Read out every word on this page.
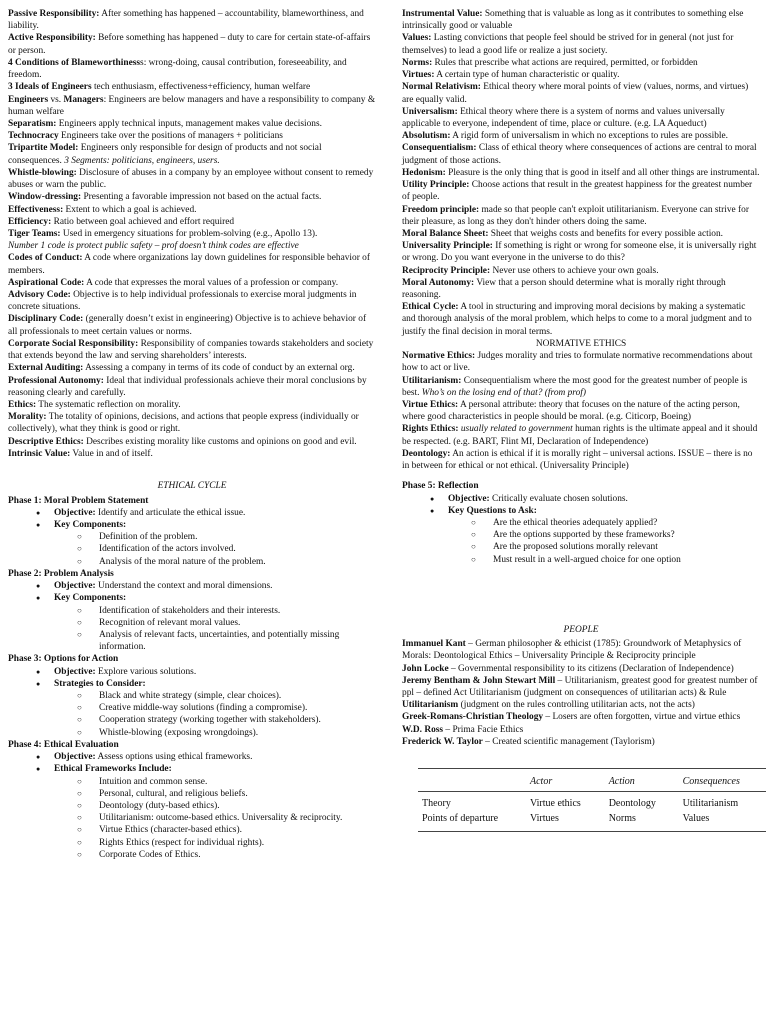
Passive Responsibility: After something has happened – accountability, blameworthiness, and liability.
Active Responsibility: Before something has happened – duty to care for certain state-of-affairs or person.
4 Conditions of Blameworthinesss: wrong-doing, causal contribution, foreseeability, and freedom.
3 Ideals of Engineers tech enthusiasm, effectiveness+efficiency, human welfare
Engineers vs. Managers: Engineers are below managers and have a responsibility to company & human welfare
Separatism: Engineers apply technical inputs, management makes value decisions.
Technocracy Engineers take over the positions of managers + politicians
Tripartite Model: Engineers only responsible for design of products and not social consequences. 3 Segments: politicians, engineers, users.
Whistle-blowing: Disclosure of abuses in a company by an employee without consent to remedy abuses or warn the public.
Window-dressing: Presenting a favorable impression not based on the actual facts.
Effectiveness: Extent to which a goal is achieved.
Efficiency: Ratio between goal achieved and effort required
Tiger Teams: Used in emergency situations for problem-solving (e.g., Apollo 13).
Number 1 code is protect public safety – prof doesn’t think codes are effective
Codes of Conduct: A code where organizations lay down guidelines for responsible behavior of members.
Aspirational Code: A code that expresses the moral values of a profession or company.
Advisory Code: Objective is to help individual professionals to exercise moral judgments in concrete situations.
Disciplinary Code: (generally doesn’t exist in engineering) Objective is to achieve behavior of all professionals to meet certain values or norms.
Corporate Social Responsibility: Responsibility of companies towards stakeholders and society that extends beyond the law and serving shareholders’ interests.
External Auditing: Assessing a company in terms of its code of conduct by an external org.
Professional Autonomy: Ideal that individual professionals achieve their moral conclusions by reasoning clearly and carefully.
Ethics: The systematic reflection on morality.
Morality: The totality of opinions, decisions, and actions that people express (individually or collectively), what they think is good or right.
Descriptive Ethics: Describes existing morality like customs and opinions on good and evil.
Intrinsic Value: Value in and of itself.
Instrumental Value: Something that is valuable as long as it contributes to something else intrinsically good or valuable
Values: Lasting convictions that people feel should be strived for in general (not just for themselves) to lead a good life or realize a just society.
Norms: Rules that prescribe what actions are required, permitted, or forbidden
Virtues: A certain type of human characteristic or quality.
Normal Relativism: Ethical theory where moral points of view (values, norms, and virtues) are equally valid.
Universalism: Ethical theory where there is a system of norms and values universally applicable to everyone, independent of time, place or culture. (e.g. LA Aqueduct)
Absolutism: A rigid form of universalism in which no exceptions to rules are possible.
Consequentialism: Class of ethical theory where consequences of actions are central to moral judgment of those actions.
Hedonism: Pleasure is the only thing that is good in itself and all other things are instrumental.
Utility Principle: Choose actions that result in the greatest happiness for the greatest number of people.
Freedom principle: made so that people can't exploit utilitarianism. Everyone can strive for their pleasure, as long as they don't hinder others doing the same.
Moral Balance Sheet: Sheet that weighs costs and benefits for every possible action.
Universality Principle: If something is right or wrong for someone else, it is universally right or wrong. Do you want everyone in the universe to do this?
Reciprocity Principle: Never use others to achieve your own goals.
Moral Autonomy: View that a person should determine what is morally right through reasoning.
Ethical Cycle: A tool in structuring and improving moral decisions by making a systematic and thorough analysis of the moral problem, which helps to come to a moral judgment and to justify the final decision in moral terms.
NORMATIVE ETHICS
Normative Ethics: Judges morality and tries to formulate normative recommendations about how to act or live.
Utilitarianism: Consequentialism where the most good for the greatest number of people is best. Who’s on the losing end of that? (from prof)
Virtue Ethics: A personal attribute: theory that focuses on the nature of the acting person, where good characteristics in people should be moral. (e.g. Citicorp, Boeing)
Rights Ethics: usually related to government human rights is the ultimate appeal and it should be respected. (e.g. BART, Flint MI, Declaration of Independence)
Deontology: An action is ethical if it is morally right – universal actions. ISSUE – there is no in between for ethical or not ethical. (Universality Principle)
ETHICAL CYCLE
Phase 1: Moral Problem Statement
● Objective: Identify and articulate the ethical issue.
● Key Components:
○ Definition of the problem.
○ Identification of the actors involved.
○ Analysis of the moral nature of the problem.
Phase 2: Problem Analysis
● Objective: Understand the context and moral dimensions.
● Key Components:
○ Identification of stakeholders and their interests.
○ Recognition of relevant moral values.
○ Analysis of relevant facts, uncertainties, and potentially missing information.
Phase 3: Options for Action
● Objective: Explore various solutions.
● Strategies to Consider:
○ Black and white strategy (simple, clear choices).
○ Creative middle-way solutions (finding a compromise).
○ Cooperation strategy (working together with stakeholders).
○ Whistle-blowing (exposing wrongdoings).
Phase 4: Ethical Evaluation
● Objective: Assess options using ethical frameworks.
● Ethical Frameworks Include:
○ Intuition and common sense.
○ Personal, cultural, and religious beliefs.
○ Deontology (duty-based ethics).
○ Utilitarianism: outcome-based ethics. Universality & reciprocity.
○ Virtue Ethics (character-based ethics).
○ Rights Ethics (respect for individual rights).
○ Corporate Codes of Ethics.
Phase 5: Reflection
● Objective: Critically evaluate chosen solutions.
● Key Questions to Ask:
○ Are the ethical theories adequately applied?
○ Are the options supported by these frameworks?
○ Are the proposed solutions morally relevant
○ Must result in a well-argued choice for one option
PEOPLE
Immanuel Kant – German philosopher & ethicist (1785): Groundwork of Metaphysics of Morals: Deontological Ethics – Universality Principle & Reciprocity principle
John Locke – Governmental responsibility to its citizens (Declaration of Independence)
Jeremy Bentham & John Stewart Mill – Utilitarianism, greatest good for greatest number of ppl – defined Act Utilitarianism (judgment on consequences of utilitarian acts) & Rule Utilitarianism (judgment on the rules controlling utilitarian acts, not the acts)
Greek-Romans-Christian Theology – Losers are often forgotten, virtue and virtue ethics
W.D. Ross – Prima Facie Ethics
Frederick W. Taylor – Created scientific management (Taylorism)
	Actor	Action	Consequences
Theory	Virtue ethics	Deontology	Utilitarianism
Points of departure	Virtues	Norms	Values
